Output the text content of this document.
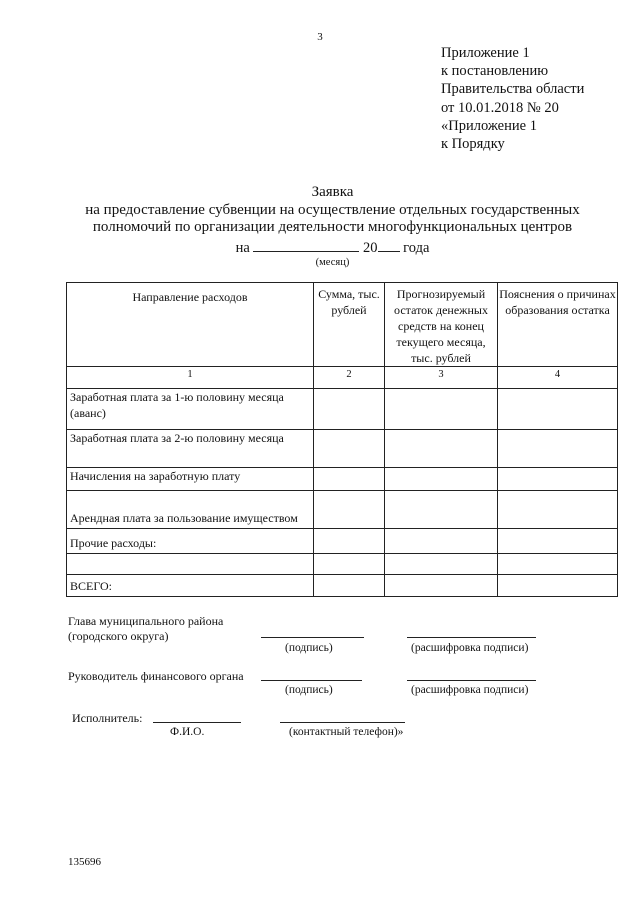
3
Приложение 1
к постановлению
Правительства области
от 10.01.2018 № 20
«Приложение 1
к Порядку
Заявка
на предоставление субвенции на осуществление отдельных государственных
полномочий по организации деятельности многофункциональных центров
на	20 года
(месяц)
Направление расходов	Сумма, тыс. рублей	Прогнозируемый остаток денежных средств на конец текущего месяца, тыс. рублей	Пояснения о причинах образования остатка
1	2	3	4
Заработная плата за 1-ю половину месяца (аванс)			
Заработная плата за 2-ю половину месяца			
Начисления на заработную плату			
Арендная плата за пользование имуществом			
Прочие расходы:			

ВСЕГО:			
Глава муниципального района
(городского округа)
(подпись)	(расшифровка подписи)
Руководитель финансового органа
(подпись)	(расшифровка подписи)
Исполнитель:
Ф.И.О.	(контактный телефон)»
135696
